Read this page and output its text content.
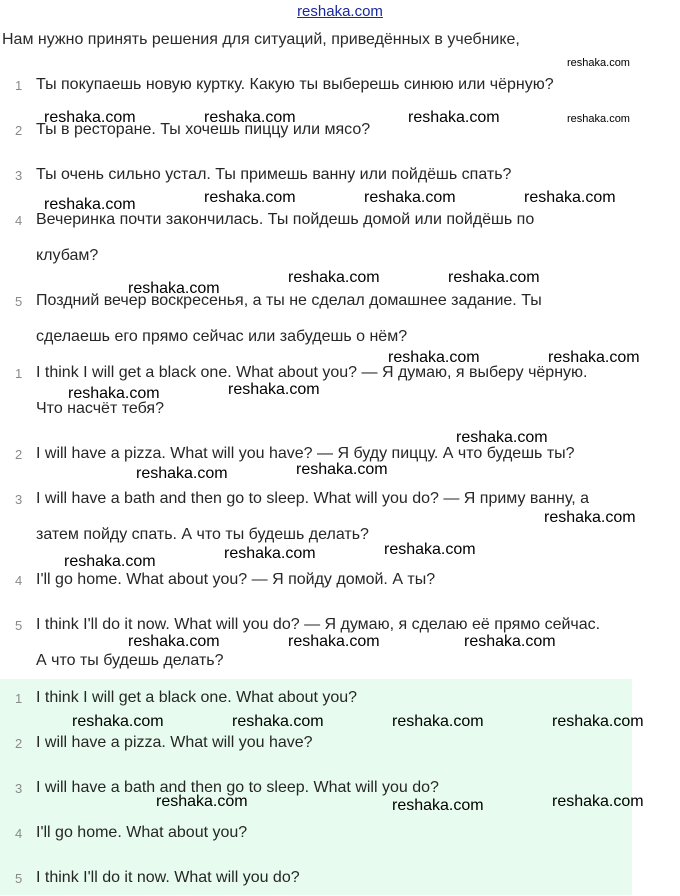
reshaka.com
Нам нужно принять решения для ситуаций, приведённых в учебнике,
1 Ты покупаешь новую куртку. Какую ты выберешь синюю или чёрную?
2 Ты в ресторане. Ты хочешь пиццу или мясо?
3 Ты очень сильно устал. Ты примешь ванну или пойдёшь спать?
4 Вечеринка почти закончилась. Ты пойдешь домой или пойдёшь по
клубам?
5 Поздний вечер воскресенья, а ты не сделал домашнее задание. Ты
сделаешь его прямо сейчас или забудешь о нём?
1 I think I will get a black one. What about you? — Я думаю, я выберу чёрную.
Что насчёт тебя?
2 I will have a pizza. What will you have? — Я буду пиццу. А что будешь ты?
3 I will have a bath and then go to sleep. What will you do? — Я приму ванну, а
затем пойду спать. А что ты будешь делать?
4 I'll go home. What about you? — Я пойду домой. А ты?
5 I think I'll do it now. What will you do? — Я думаю, я сделаю её прямо сейчас.
А что ты будешь делать?
1 I think I will get a black one. What about you?
2 I will have a pizza. What will you have?
3 I will have a bath and then go to sleep. What will you do?
4 I'll go home. What about you?
5 I think I'll do it now. What will you do?
reshaka.com
reshaka.com	reshaka.com	reshaka.com	reshaka.com
reshaka.com	reshaka.com	reshaka.com	reshaka.com
reshaka.com
reshaka.com	reshaka.com
reshaka.com	reshaka.com
reshaka.com	reshaka.com
reshaka.com
reshaka.com	reshaka.com
reshaka.com
reshaka.com	reshaka.com	reshaka.com
reshaka.com	reshaka.com	reshaka.com
reshaka.com	reshaka.com	reshaka.com	reshaka.com
reshaka.com	reshaka.com	reshaka.com
